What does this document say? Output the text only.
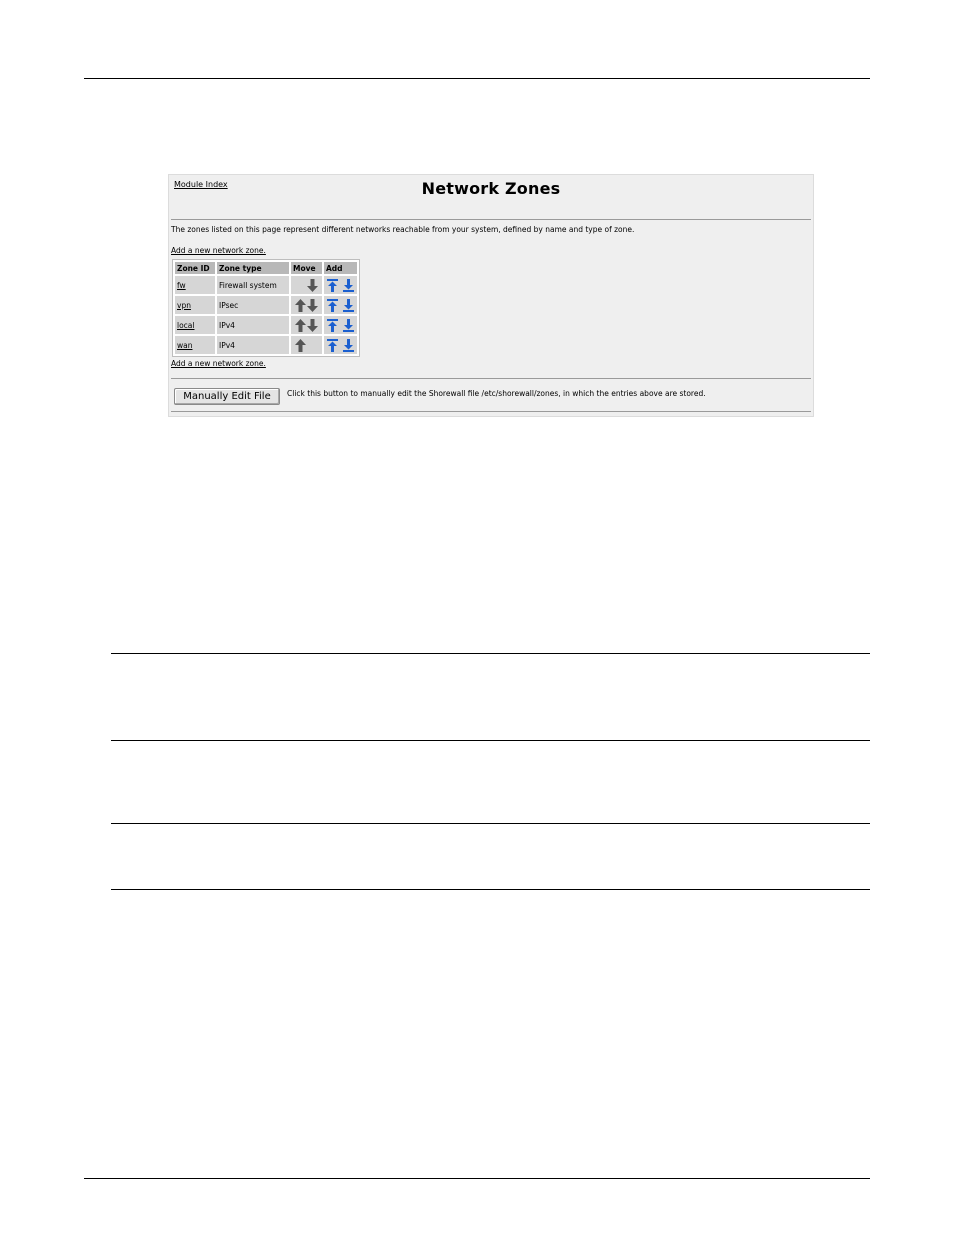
Module Index	Network Zones
The zones listed on this page represent different networks reachable from your system, defined by name and type of zone.
Add a new network zone.
Zone ID	Zone type	Move	Add
fw	Firewall system	

vpn	IPsec	

local	IPv4	

wan	IPv4	

Add a new network zone.
Manually Edit File	Click this button to manually edit the Shorewall file /etc/shorewall/zones, in which the entries above are stored.
